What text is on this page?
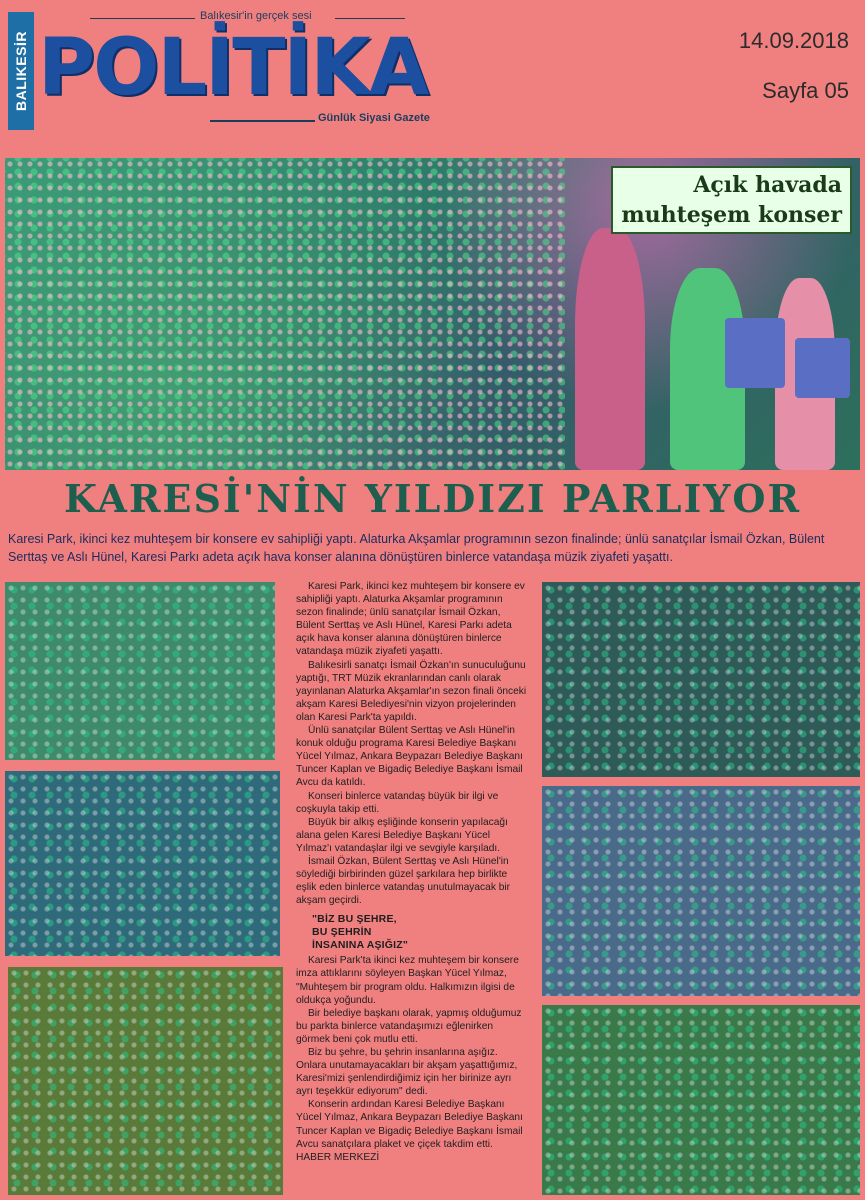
BALIKESİR
Balıkesir'in gerçek sesi
POLİTİKA
Günlük Siyasi Gazete
14.09.2018
Sayfa 05
Açık havada
muhteşem konser
KARESİ'NİN YILDIZI PARLIYOR
Karesi Park, ikinci kez muhteşem bir konsere ev sahipliği yaptı. Alaturka Akşamlar programının sezon finalinde; ünlü sanatçılar İsmail Özkan, Bülent Serttaş ve Aslı Hünel, Karesi Parkı adeta açık hava konser alanına dönüştüren binlerce vatandaşa müzik ziyafeti yaşattı.

Karesi Park, ikinci kez muhteşem bir konsere ev sahipliği yaptı. Alaturka Akşamlar programının sezon finalinde; ünlü sanatçılar İsmail Özkan, Bülent Serttaş ve Aslı Hünel, Karesi Parkı adeta açık hava konser alanına dönüştüren binlerce vatandaşa müzik ziyafeti yaşattı.

Balıkesirli sanatçı İsmail Özkan'ın sunuculuğunu yaptığı, TRT Müzik ekranlarından canlı olarak yayınlanan Alaturka Akşamlar'ın sezon finali önceki akşam Karesi Belediyesi'nin vizyon projelerinden olan Karesi Park'ta yapıldı.

Ünlü sanatçılar Bülent Serttaş ve Aslı Hünel'in konuk olduğu programa Karesi Belediye Başkanı Yücel Yılmaz, Ankara Beypazarı Belediye Başkanı Tuncer Kaplan ve Bigadiç Belediye Başkanı İsmail Avcu da katıldı.

Konseri binlerce vatandaş büyük bir ilgi ve coşkuyla takip etti.

Büyük bir alkış eşliğinde konserin yapılacağı alana gelen Karesi Belediye Başkanı Yücel Yılmaz'ı vatandaşlar ilgi ve sevgiyle karşıladı.

İsmail Özkan, Bülent Serttaş ve Aslı Hünel'in söylediği birbirinden güzel şarkılara hep birlikte eşlik eden binlerce vatandaş unutulmayacak bir akşam geçirdi.

"BİZ BU ŞEHRE,
BU ŞEHRİN
İNSANINA AŞIĞIZ"

Karesi Park'ta ikinci kez muhteşem bir konsere imza attıklarını söyleyen Başkan Yücel Yılmaz, "Muhteşem bir program oldu. Halkımızın ilgisi de oldukça yoğundu.

Bir belediye başkanı olarak, yapmış olduğumuz bu parkta binlerce vatandaşımızı eğlenirken görmek beni çok mutlu etti.

Biz bu şehre, bu şehrin insanlarına aşığız. Onlara unutamayacakları bir akşam yaşattığımız, Karesi'mizi şenlendirdiğimiz için her birinize ayrı ayrı teşekkür ediyorum" dedi.

Konserin ardından Karesi Belediye Başkanı Yücel Yılmaz, Ankara Beypazarı Belediye Başkanı Tuncer Kaplan ve Bigadiç Belediye Başkanı İsmail Avcu sanatçılara plaket ve çiçek takdim etti. HABER MERKEZİ
